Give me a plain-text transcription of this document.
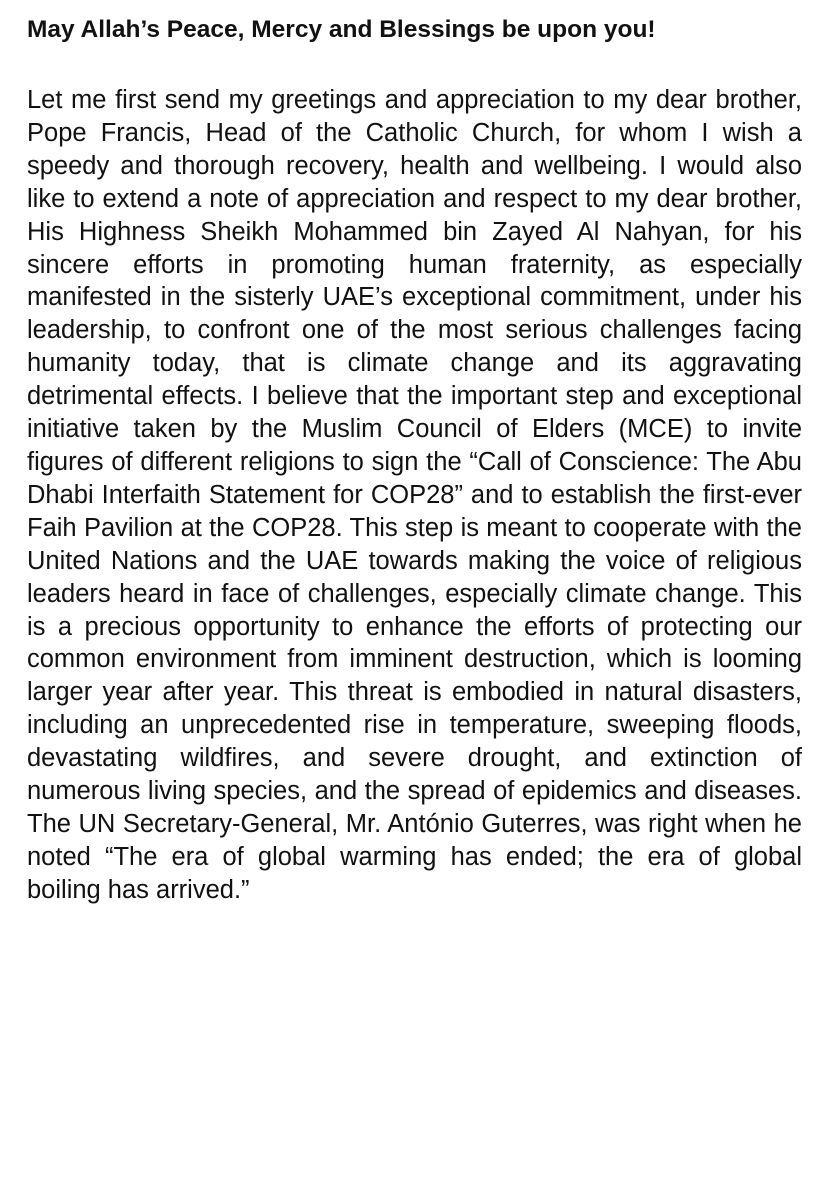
May Allah’s Peace, Mercy and Blessings be upon you!

Let me first send my greetings and appreciation to my dear brother, Pope Francis, Head of the Catholic Church, for whom I wish a speedy and thorough recovery, health and wellbeing. I would also like to extend a note of appreciation and respect to my dear brother, His Highness Sheikh Mohammed bin Zayed Al Nahyan, for his sincere efforts in promoting human fraternity, as especially manifested in the sisterly UAE’s exceptional commitment, under his leadership, to confront one of the most serious challenges facing humanity today, that is climate change and its aggravating detrimental effects. I believe that the important step and exceptional initiative taken by the Muslim Council of Elders (MCE) to invite figures of different religions to sign the “Call of Conscience: The Abu Dhabi Interfaith Statement for COP28” and to establish the first-ever Faih Pavilion at the COP28. This step is meant to cooperate with the United Nations and the UAE towards making the voice of religious leaders heard in face of challenges, especially climate change. This is a precious opportunity to enhance the efforts of protecting our common environment from imminent destruction, which is looming larger year after year. This threat is embodied in natural disasters, including an unprecedented rise in temperature, sweeping floods, devastating wildfires, and severe drought, and extinction of numerous living species, and the spread of epidemics and diseases. The UN Secretary-General, Mr. António Guterres, was right when he noted “The era of global warming has ended; the era of global boiling has arrived.”
